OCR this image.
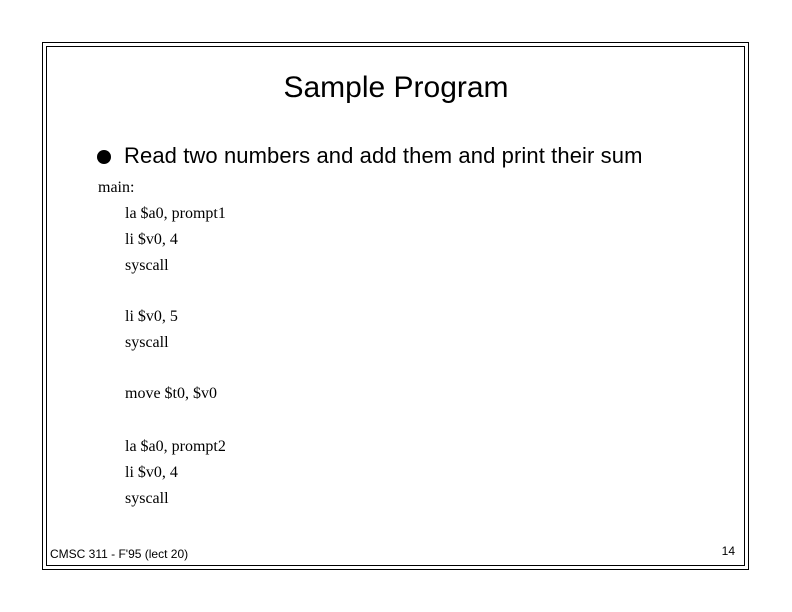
Sample Program
Read two numbers and add them and print their sum
main:
la $a0, prompt1
li $v0, 4
syscall
li $v0, 5
syscall
move $t0, $v0
la $a0, prompt2
li $v0, 4
syscall
CMSC 311 - F'95 (lect 20)	14
